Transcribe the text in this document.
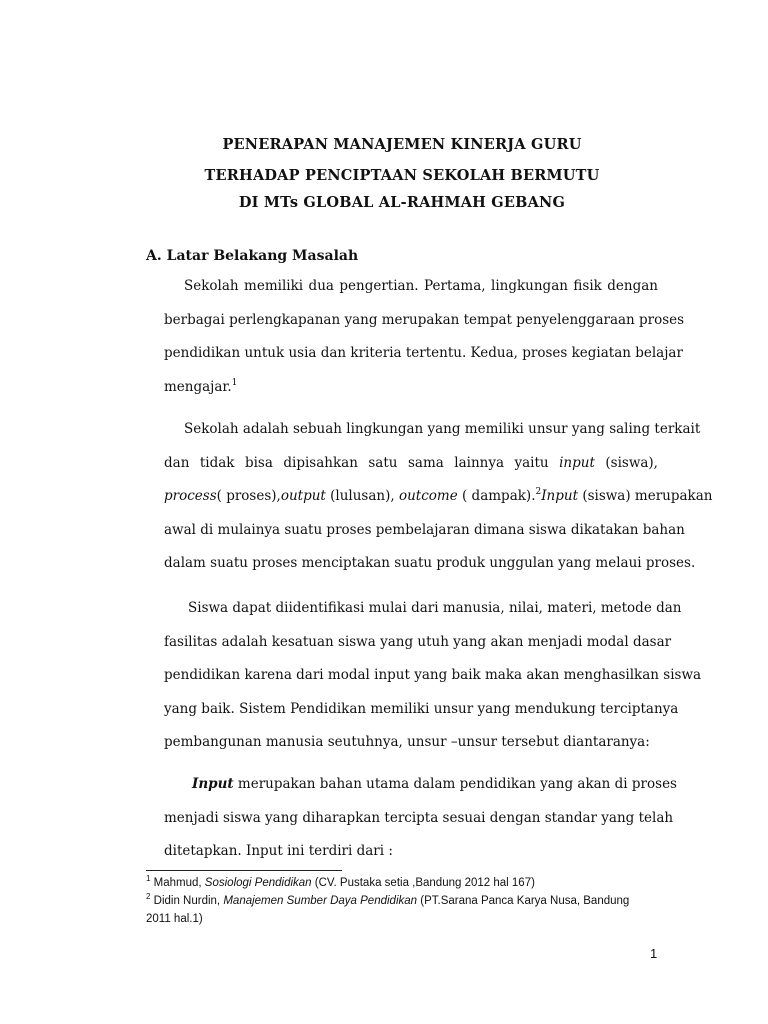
PENERAPAN MANAJEMEN KINERJA GURU
TERHADAP PENCIPTAAN SEKOLAH BERMUTU
DI MTs GLOBAL AL-RAHMAH GEBANG
A. Latar Belakang Masalah
Sekolah memiliki dua pengertian. Pertama, lingkungan fisik dengan
berbagai perlengkapanan yang merupakan tempat penyelenggaraan proses
pendidikan untuk usia dan kriteria tertentu. Kedua, proses kegiatan belajar
mengajar.$^1$
Sekolah adalah sebuah lingkungan yang memiliki unsur yang saling terkait
dan tidak bisa dipisahkan satu sama lainnya yaitu input (siswa),
process( proses),output (lulusan), outcome ( dampak).$^2$Input (siswa) merupakan
awal di mulainya suatu proses pembelajaran dimana siswa dikatakan bahan
dalam suatu proses menciptakan suatu produk unggulan yang melaui proses.
Siswa dapat diidentifikasi mulai dari manusia, nilai, materi, metode dan
fasilitas adalah kesatuan siswa yang utuh yang akan menjadi modal dasar
pendidikan karena dari modal input yang baik maka akan menghasilkan siswa
yang baik. Sistem Pendidikan memiliki unsur yang mendukung terciptanya
pembangunan manusia seutuhnya, unsur –unsur tersebut diantaranya:
Input merupakan bahan utama dalam pendidikan yang akan di proses
menjadi siswa yang diharapkan tercipta sesuai dengan standar yang telah
ditetapkan. Input ini terdiri dari :
$^1$ Mahmud, Sosiologi Pendidikan (CV. Pustaka setia ,Bandung 2012 hal 167)
$^2$ Didin Nurdin, Manajemen Sumber Daya Pendidikan (PT.Sarana Panca Karya Nusa, Bandung
2011 hal.1)
1
